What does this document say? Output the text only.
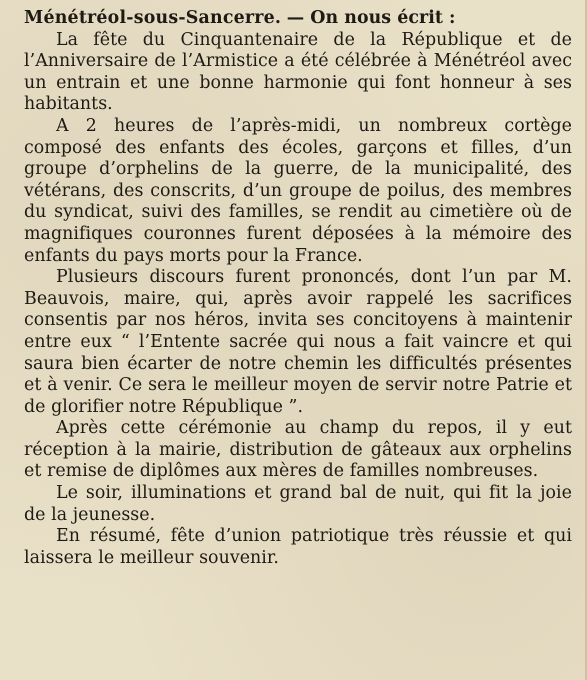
Ménétréol-sous-Sancerre. — On nous écrit :

La fête du Cinquantenaire de la République et de l’Anniversaire de l’Armistice a été célébrée à Ménétréol avec un entrain et une bonne harmonie qui font honneur à ses habitants.

A 2 heures de l’après-midi, un nombreux cortège composé des enfants des écoles, garçons et filles, d’un groupe d’orphelins de la guerre, de la municipalité, des vétérans, des conscrits, d’un groupe de poilus, des membres du syndicat, suivi des familles, se rendit au cimetière où de magnifiques couronnes furent déposées à la mémoire des enfants du pays morts pour la France.

Plusieurs discours furent prononcés, dont l’un par M. Beauvois, maire, qui, après avoir rappelé les sacrifices consentis par nos héros, invita ses concitoyens à maintenir entre eux “ l’Entente sacrée qui nous a fait vaincre et qui saura bien écarter de notre chemin les difficultés présentes et à venir. Ce sera le meilleur moyen de servir notre Patrie et de glorifier notre République ”.

Après cette cérémonie au champ du repos, il y eut réception à la mairie, distribution de gâteaux aux orphelins et remise de diplômes aux mères de familles nombreuses.

Le soir, illuminations et grand bal de nuit, qui fit la joie de la jeunesse.

En résumé, fête d’union patriotique très réussie et qui laissera le meilleur souvenir.
